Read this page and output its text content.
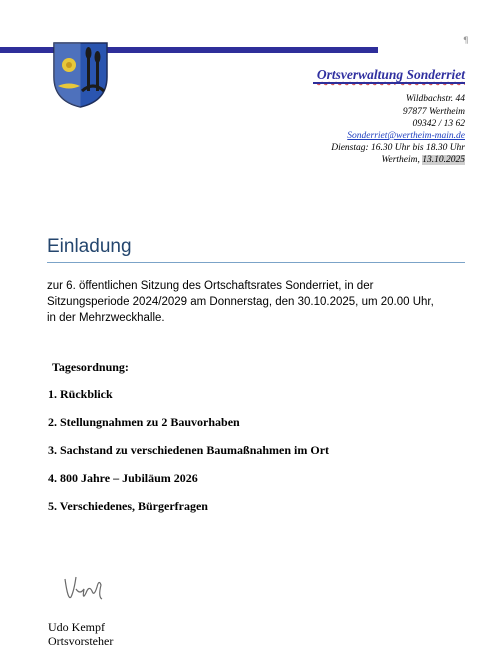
¶
Ortsverwaltung Sonderriet
Wildbachstr. 44
97877 Wertheim
09342 / 13 62
Sonderriet@wertheim-main.de
Dienstag: 16.30 Uhr bis 18.30 Uhr
Wertheim, 13.10.2025
Einladung
zur 6. öffentlichen Sitzung des Ortschaftsrates Sonderriet, in der
Sitzungsperiode 2024/2029 am Donnerstag, den 30.10.2025, um 20.00 Uhr,
in der Mehrzweckhalle.
Tagesordnung:
1. Rückblick
2. Stellungnahmen zu 2 Bauvorhaben
3. Sachstand zu verschiedenen Baumaßnahmen im Ort
4. 800 Jahre – Jubiläum 2026
5. Verschiedenes, Bürgerfragen
Udo Kempf
Ortsvorsteher
